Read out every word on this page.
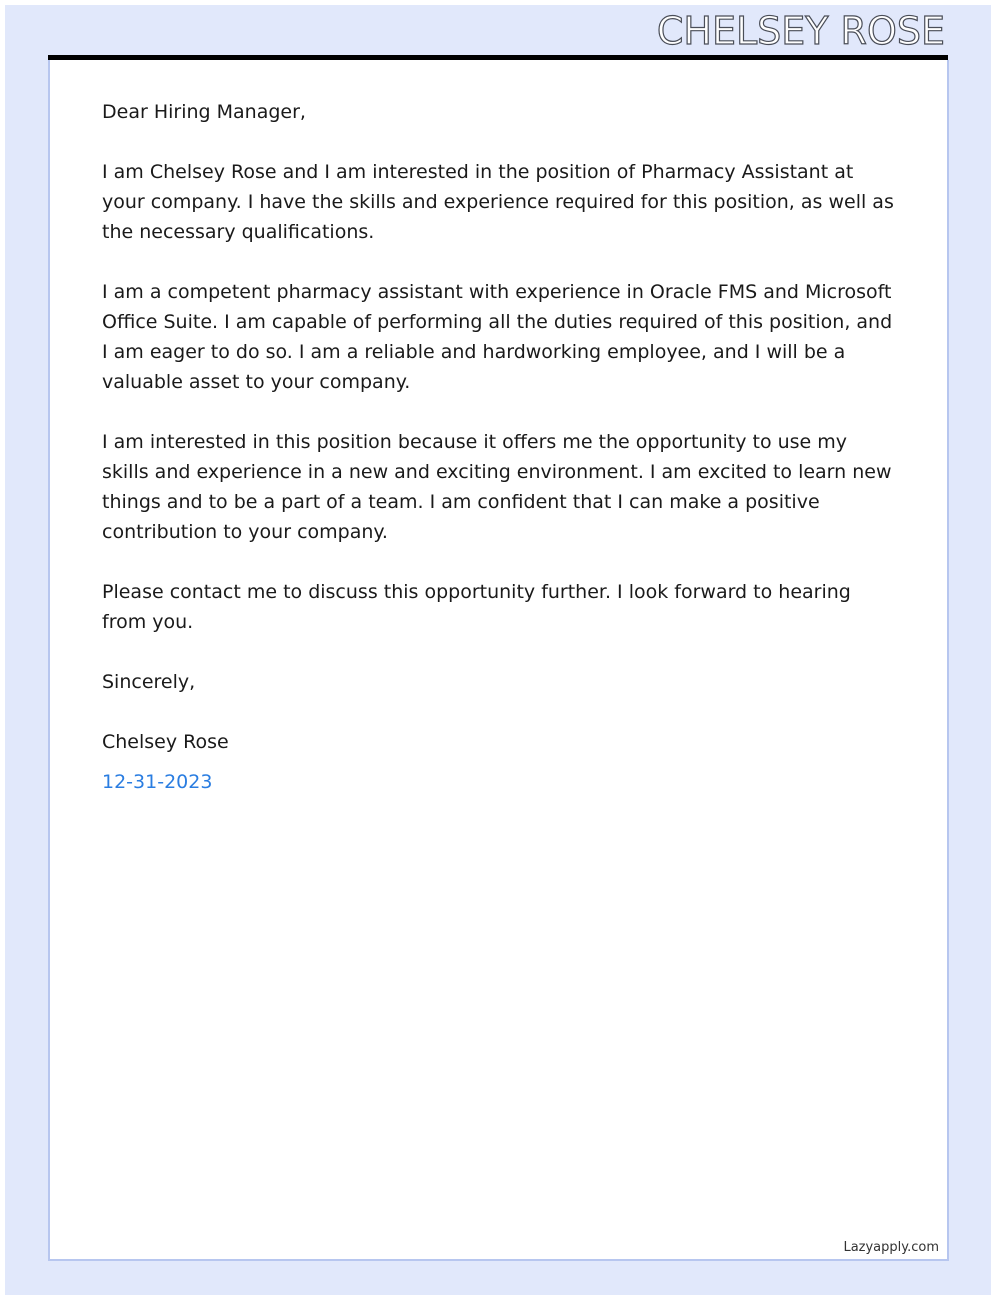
CHELSEY ROSE

Dear Hiring Manager,

I am Chelsey Rose and I am interested in the position of Pharmacy Assistant at your company. I have the skills and experience required for this position, as well as the necessary qualifications.

I am a competent pharmacy assistant with experience in Oracle FMS and Microsoft Office Suite. I am capable of performing all the duties required of this position, and I am eager to do so. I am a reliable and hardworking employee, and I will be a valuable asset to your company.

I am interested in this position because it offers me the opportunity to use my skills and experience in a new and exciting environment. I am excited to learn new things and to be a part of a team. I am confident that I can make a positive contribution to your company.

Please contact me to discuss this opportunity further. I look forward to hearing from you.

Sincerely,

Chelsey Rose

12-31-2023
Lazyapply.com
